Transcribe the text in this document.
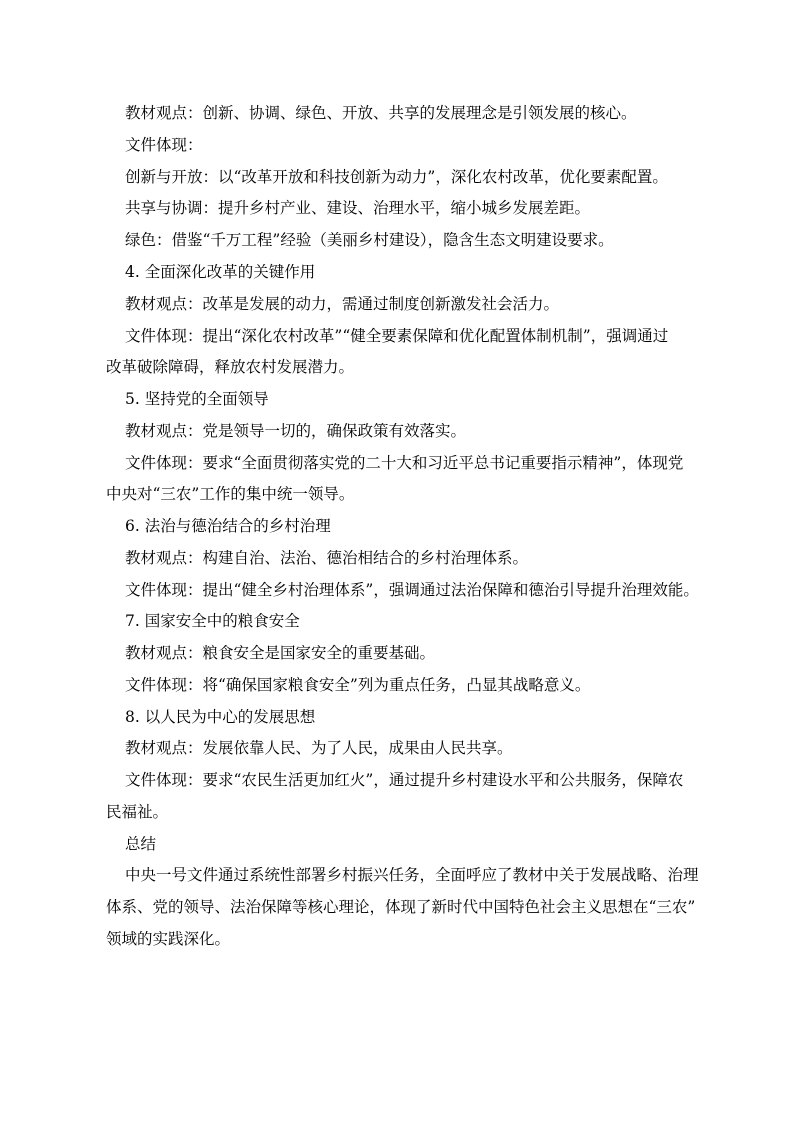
教材观点：创新、协调、绿色、开放、共享的发展理念是引领发展的核心。
文件体现：
创新与开放：以“改革开放和科技创新为动力”，深化农村改革，优化要素配置。
共享与协调：提升乡村产业、建设、治理水平，缩小城乡发展差距。
绿色：借鉴“千万工程”经验（美丽乡村建设），隐含生态文明建设要求。
4. 全面深化改革的关键作用
教材观点：改革是发展的动力，需通过制度创新激发社会活力。
文件体现：提出“深化农村改革”“健全要素保障和优化配置体制机制”，强调通过
改革破除障碍，释放农村发展潜力。
5. 坚持党的全面领导
教材观点：党是领导一切的，确保政策有效落实。
文件体现：要求“全面贯彻落实党的二十大和习近平总书记重要指示精神”，体现党
中央对“三农”工作的集中统一领导。
6. 法治与德治结合的乡村治理
教材观点：构建自治、法治、德治相结合的乡村治理体系。
文件体现：提出“健全乡村治理体系”，强调通过法治保障和德治引导提升治理效能。
7. 国家安全中的粮食安全
教材观点：粮食安全是国家安全的重要基础。
文件体现：将“确保国家粮食安全”列为重点任务，凸显其战略意义。
8. 以人民为中心的发展思想
教材观点：发展依靠人民、为了人民，成果由人民共享。
文件体现：要求“农民生活更加红火”，通过提升乡村建设水平和公共服务，保障农
民福祉。
总结
中央一号文件通过系统性部署乡村振兴任务，全面呼应了教材中关于发展战略、治理
体系、党的领导、法治保障等核心理论，体现了新时代中国特色社会主义思想在“三农”
领域的实践深化。
